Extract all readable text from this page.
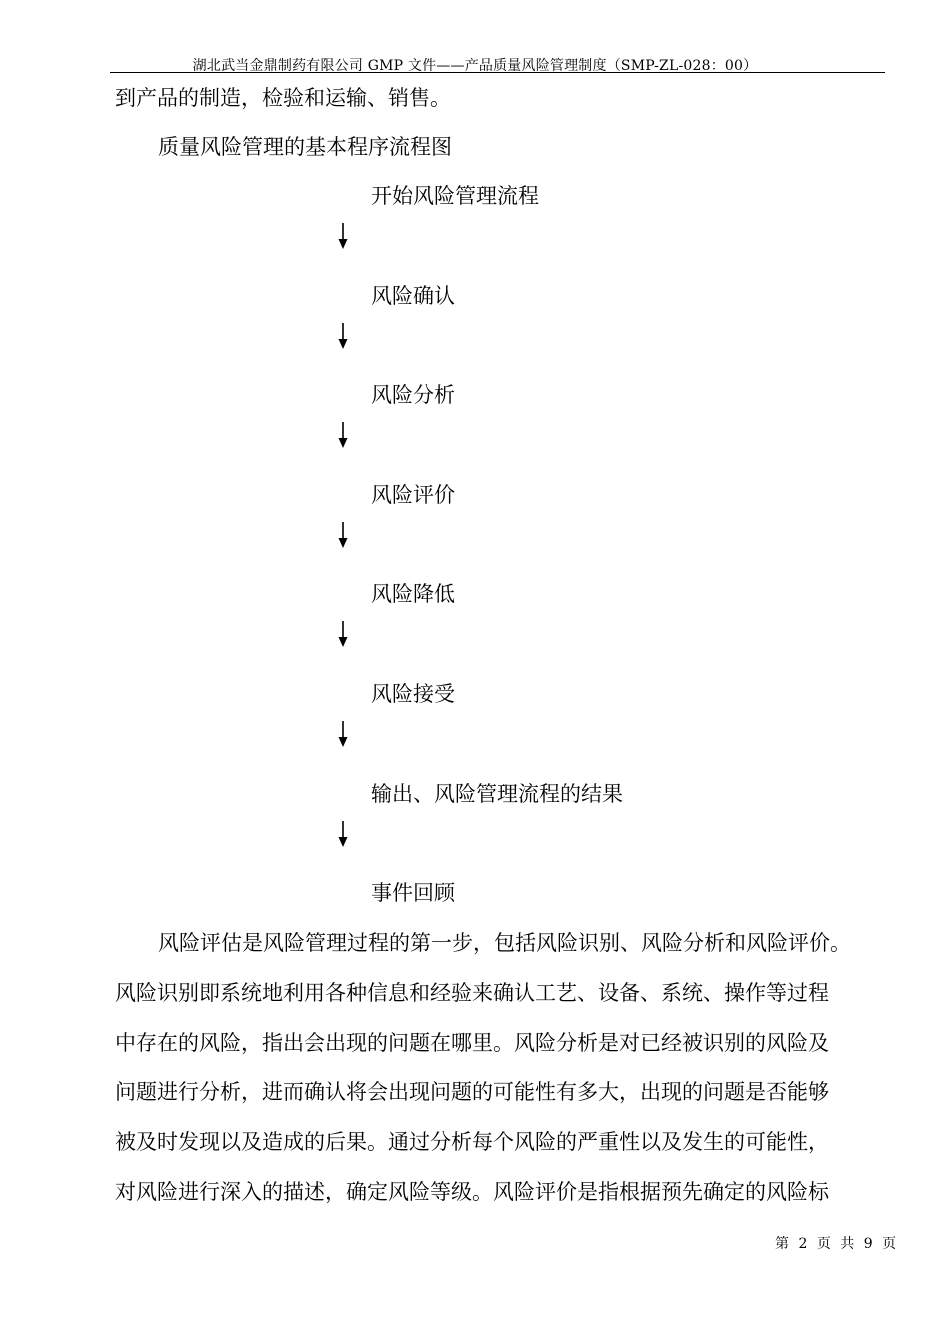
湖北武当金鼎制药有限公司 GMP 文件——产品质量风险管理制度（SMP-ZL-028：00）
到产品的制造，检验和运输、销售。
质量风险管理的基本程序流程图
开始风险管理流程
风险确认
风险分析
风险评价
风险降低
风险接受
输出、风险管理流程的结果
事件回顾
风险评估是风险管理过程的第一步，包括风险识别、风险分析和风险评价。
风险识别即系统地利用各种信息和经验来确认工艺、设备、系统、操作等过程
中存在的风险，指出会出现的问题在哪里。风险分析是对已经被识别的风险及
问题进行分析，进而确认将会出现问题的可能性有多大，出现的问题是否能够
被及时发现以及造成的后果。通过分析每个风险的严重性以及发生的可能性，
对风险进行深入的描述，确定风险等级。风险评价是指根据预先确定的风险标
第 2 页 共 9 页
